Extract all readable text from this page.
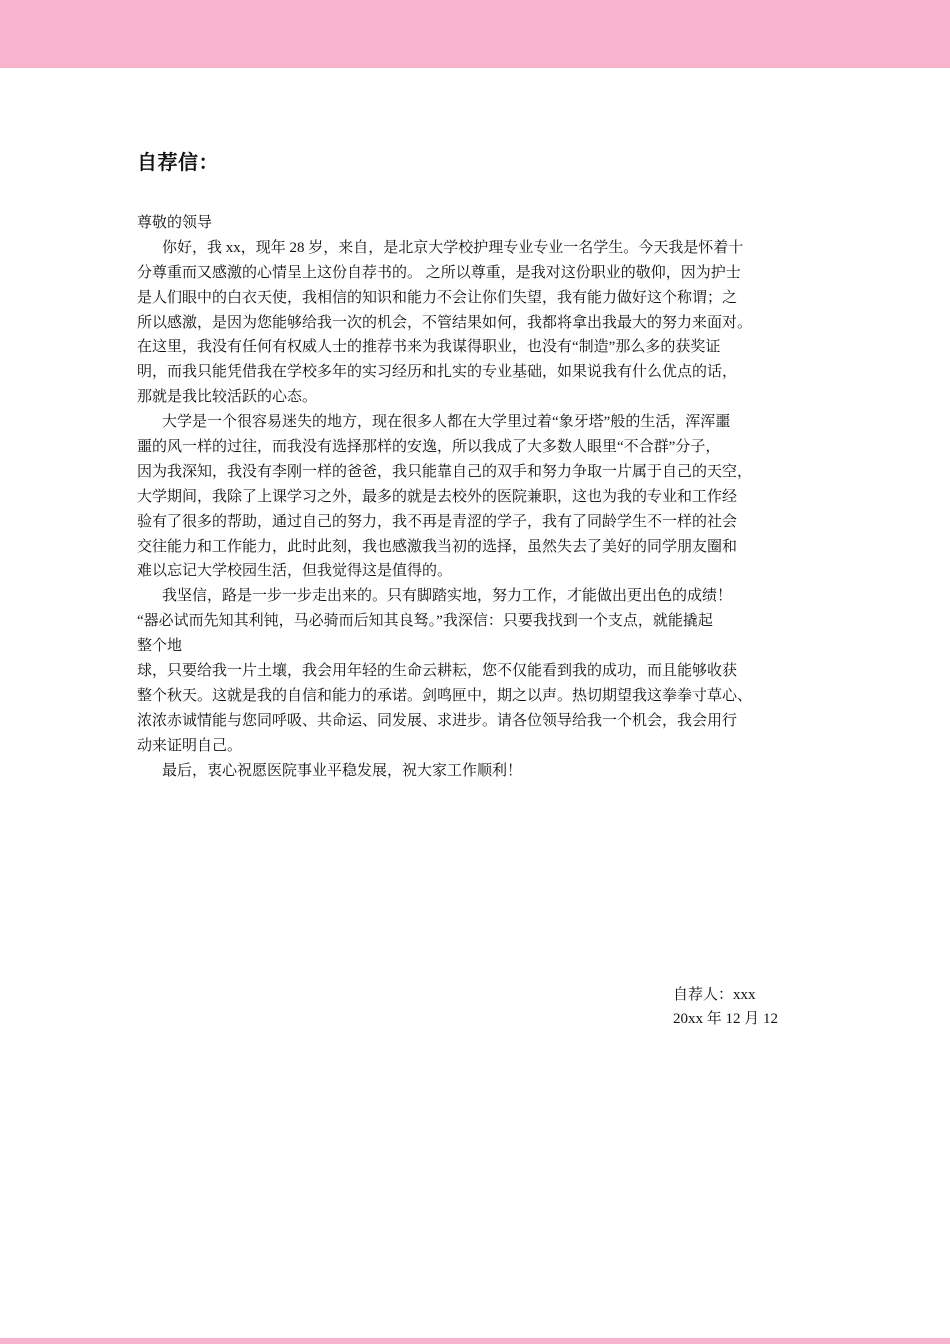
自荐信：
尊敬的领导
你好，我 xx，现年 28 岁，来自，是北京大学校护理专业专业一名学生。今天我是怀着十
分尊重而又感激的心情呈上这份自荐书的。 之所以尊重，是我对这份职业的敬仰，因为护士
是人们眼中的白衣天使，我相信的知识和能力不会让你们失望，我有能力做好这个称谓；之
所以感激，是因为您能够给我一次的机会，不管结果如何，我都将拿出我最大的努力来面对。
在这里，我没有任何有权威人士的推荐书来为我谋得职业，也没有“制造”那么多的获奖证
明，而我只能凭借我在学校多年的实习经历和扎实的专业基础，如果说我有什么优点的话，
那就是我比较活跃的心态。
大学是一个很容易迷失的地方，现在很多人都在大学里过着“象牙塔”般的生活，浑浑噩
噩的风一样的过往，而我没有选择那样的安逸，所以我成了大多数人眼里“不合群”分子，
因为我深知，我没有李刚一样的爸爸，我只能靠自己的双手和努力争取一片属于自己的天空，
大学期间，我除了上课学习之外，最多的就是去校外的医院兼职，这也为我的专业和工作经
验有了很多的帮助，通过自己的努力，我不再是青涩的学子，我有了同龄学生不一样的社会
交往能力和工作能力，此时此刻，我也感激我当初的选择，虽然失去了美好的同学朋友圈和
难以忘记大学校园生活，但我觉得这是值得的。
我坚信，路是一步一步走出来的。只有脚踏实地，努力工作，才能做出更出色的成绩！
“器必试而先知其利钝，马必骑而后知其良驽。”我深信：只要我找到一个支点，就能撬起
整个地
球，只要给我一片土壤，我会用年轻的生命云耕耘，您不仅能看到我的成功，而且能够收获
整个秋天。这就是我的自信和能力的承诺。剑鸣匣中，期之以声。热切期望我这拳拳寸草心、
浓浓赤诚情能与您同呼吸、共命运、同发展、求进步。请各位领导给我一个机会，我会用行
动来证明自己。
最后，衷心祝愿医院事业平稳发展，祝大家工作顺利！
自荐人：xxx
20xx 年 12 月 12
